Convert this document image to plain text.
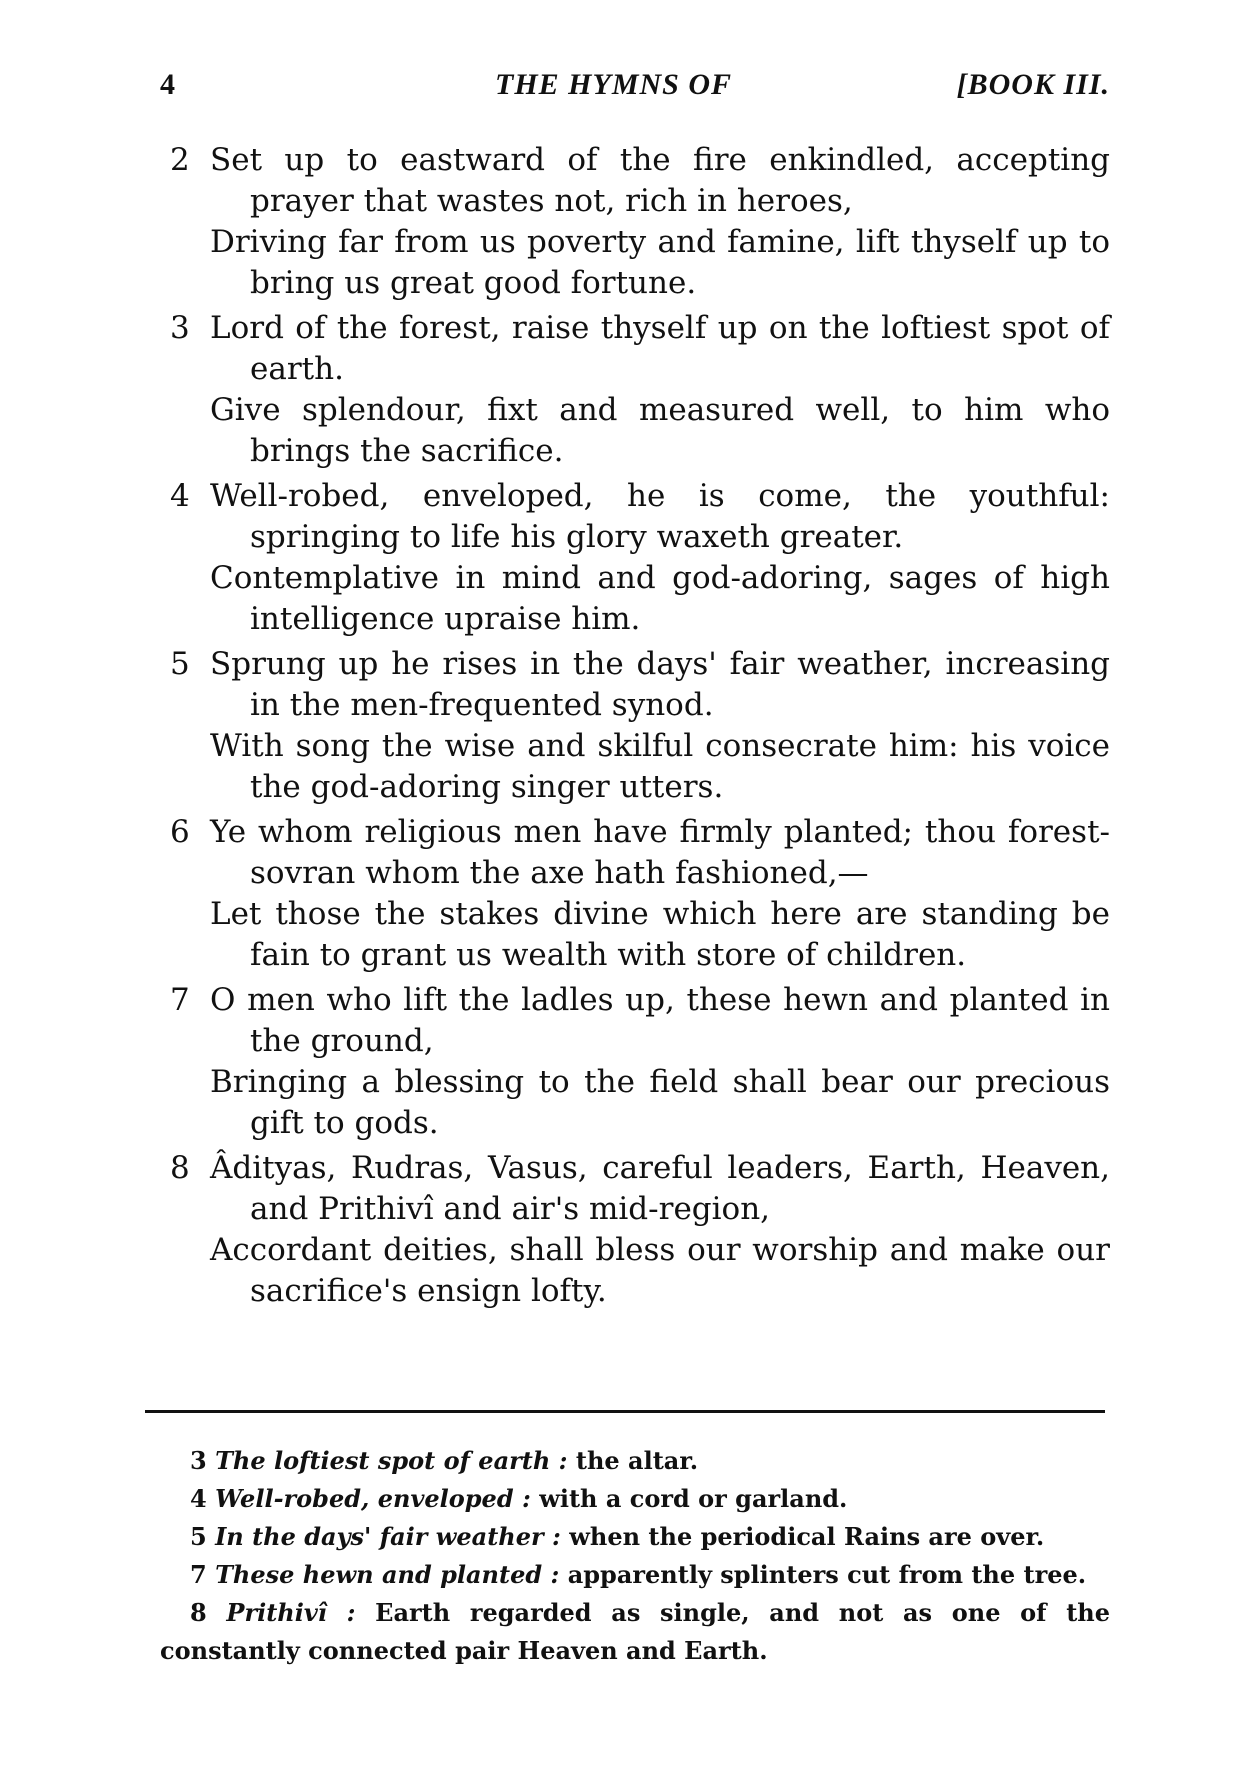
4	THE HYMNS OF	[BOOK III.
2 Set up to eastward of the fire enkindled, accepting prayer that wastes not, rich in heroes,
Driving far from us poverty and famine, lift thyself up to bring us great good fortune.
3 Lord of the forest, raise thyself up on the loftiest spot of earth.
Give splendour, fixt and measured well, to him who brings the sacrifice.
4 Well-robed, enveloped, he is come, the youthful: springing to life his glory waxeth greater.
Contemplative in mind and god-adoring, sages of high intelligence upraise him.
5 Sprung up he rises in the days' fair weather, increasing in the men-frequented synod.
With song the wise and skilful consecrate him: his voice the god-adoring singer utters.
6 Ye whom religious men have firmly planted; thou forest-sovran whom the axe hath fashioned,—
Let those the stakes divine which here are standing be fain to grant us wealth with store of children.
7 O men who lift the ladles up, these hewn and planted in the ground,
Bringing a blessing to the field shall bear our precious gift to gods.
8 Âdityas, Rudras, Vasus, careful leaders, Earth, Heaven, and Prithivî and air's mid-region,
Accordant deities, shall bless our worship and make our sacrifice's ensign lofty.
3 The loftiest spot of earth : the altar.
4 Well-robed, enveloped : with a cord or garland.
5 In the days' fair weather : when the periodical Rains are over.
7 These hewn and planted : apparently splinters cut from the tree.
8 Prithivî : Earth regarded as single, and not as one of the constantly connected pair Heaven and Earth.
